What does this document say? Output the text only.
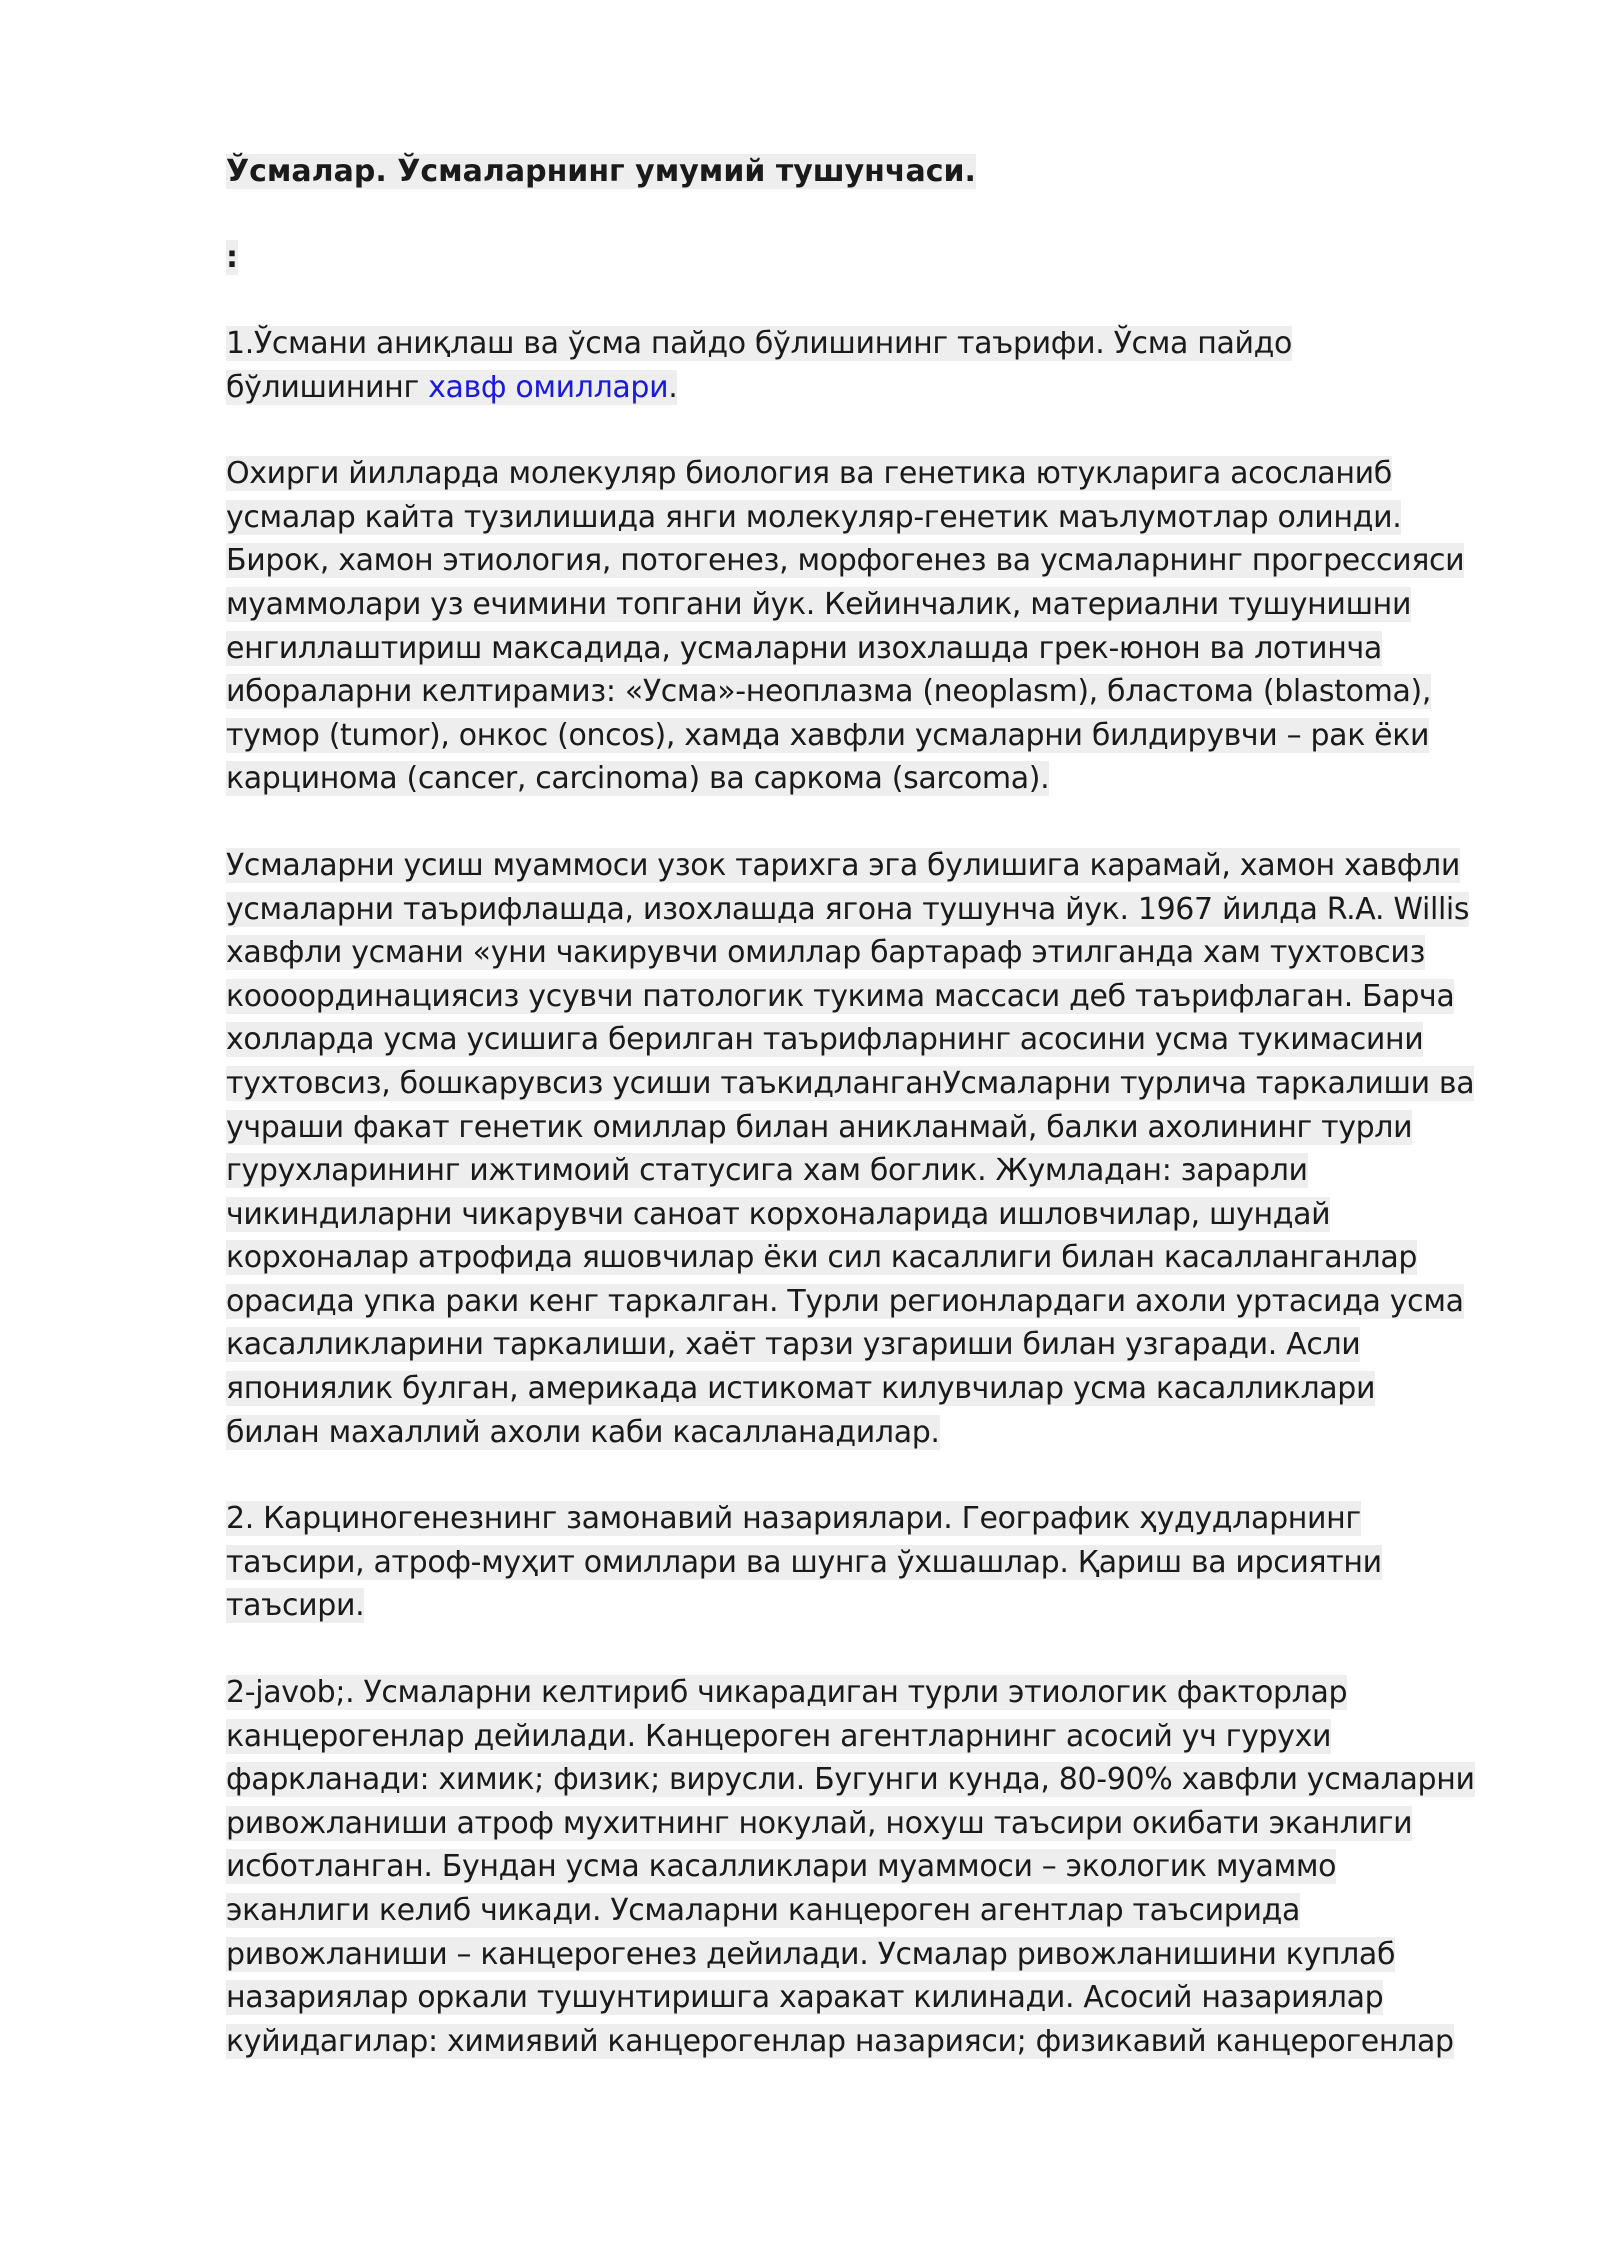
Ўсмалар. Ўсмаларнинг умумий тушунчаси.
:

1.Ўсмани аниқлаш ва ўсма пайдо бўлишининг таърифи. Ўсма пайдо бўлишининг хавф омиллари.

Охирги йилларда молекуляр биология ва генетика ютукларига асосланиб усмалар кайта тузилишида янги молекуляр-генетик маълумотлар олинди. Бирок, хамон этиология, потогенез, морфогенез ва усмаларнинг прогрессияси муаммолари уз ечимини топгани йук. Кейинчалик, материални тушунишни енгиллаштириш максадида, усмаларни изохлашда грек-юнон ва лотинча ибораларни келтирамиз: «Усма»-неоплазма (neoplasm), бластома (blastoma), тумор (tumor), онкос (oncos), хамда хавфли усмаларни билдирувчи – рак ёки карцинома (cancer, carcinoma) ва саркома (sarcoma).

Усмаларни усиш муаммоси узок тарихга эга булишига карамай, хамон хавфли усмаларни таърифлашда, изохлашда ягона тушунча йук. 1967 йилда R.A. Willis хавфли усмани «уни чакирувчи омиллар бартараф этилганда хам тухтовсиз коооординациясиз усувчи патологик тукима массаси деб таърифлаган. Барча холларда усма усишига берилган таърифларнинг асосини усма тукимасини тухтовсиз, бошкарувсиз усиши таъкидланганУсмаларни турлича таркалиши ва учраши факат генетик омиллар билан аникланмай, балки ахолининг турли гурухларининг ижтимоий статусига хам боглик. Жумладан: зарарли чикиндиларни чикарувчи саноат корхоналарида ишловчилар, шундай корхоналар атрофида яшовчилар ёки сил касаллиги билан касалланганлар орасида упка раки кенг таркалган. Турли регионлардаги ахоли уртасида усма касалликларини таркалиши, хаёт тарзи узгариши билан узгаради. Асли япониялик булган, америкада истикомат килувчилар усма касалликлари билан махаллий ахоли каби касалланадилар.

2. Карциногенезнинг замонавий назариялари. Географик ҳудудларнинг таъсири, атроф-муҳит омиллари ва шунга ўхшашлар. Қариш ва ирсиятни таъсири.

2-javob;. Усмаларни келтириб чикарадиган турли этиологик факторлар канцерогенлар дейилади. Канцероген агентларнинг асосий уч гурухи фаркланади: химик; физик; вирусли. Бугунги кунда, 80-90% хавфли усмаларни ривожланиши атроф мухитнинг нокулай, нохуш таъсири окибати эканлиги исботланган. Бундан усма касалликлари муаммоси – экологик муаммо эканлиги келиб чикади. Усмаларни канцероген агентлар таъсирида ривожланиши – канцерогенез дейилади. Усмалар ривожланишини куплаб назариялар оркали тушунтиришга харакат килинади. Асосий назариялар куйидагилар: химиявий канцерогенлар назарияси; физикавий канцерогенлар
